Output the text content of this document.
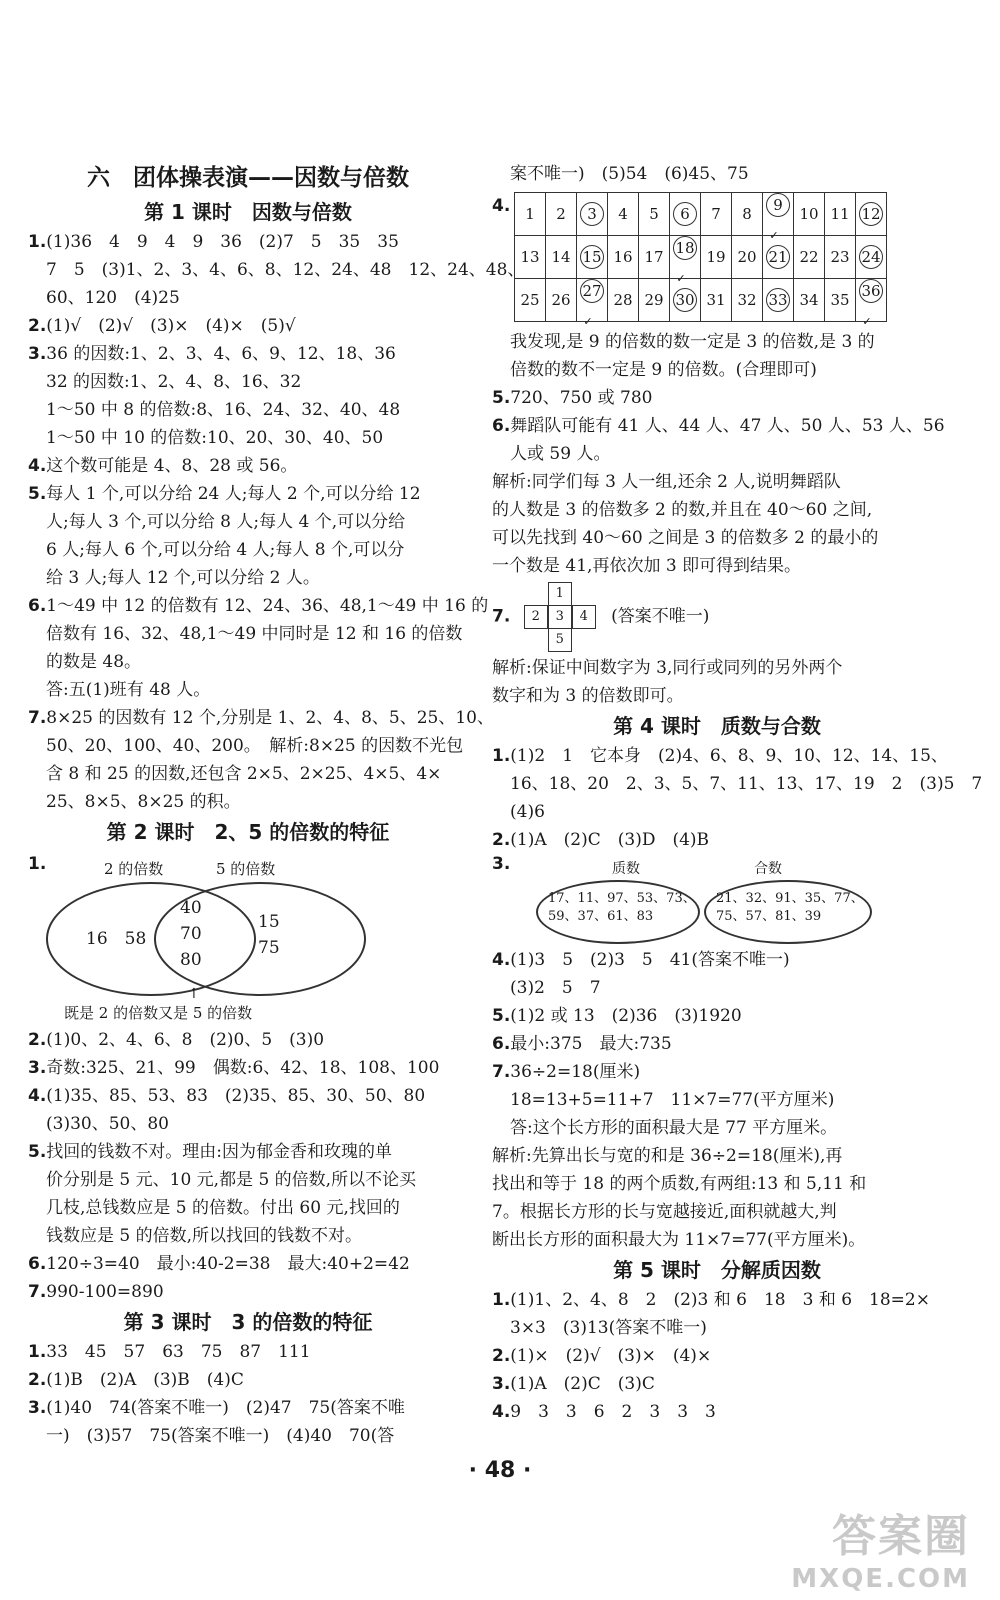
六　团体操表演——因数与倍数
第 1 课时　因数与倍数
1.(1)36　4　9　4　9　36　(2)7　5　35　35
7　5　(3)1、2、3、4、6、8、12、24、48　12、24、48、
60、120　(4)25
2.(1)√　(2)√　(3)×　(4)×　(5)√
3.36 的因数:1、2、3、4、6、9、12、18、36
32 的因数:1、2、4、8、16、32
1～50 中 8 的倍数:8、16、24、32、40、48
1～50 中 10 的倍数:10、20、30、40、50
4.这个数可能是 4、8、28 或 56。
5.每人 1 个,可以分给 24 人;每人 2 个,可以分给 12
人;每人 3 个,可以分给 8 人;每人 4 个,可以分给
6 人;每人 6 个,可以分给 4 人;每人 8 个,可以分
给 3 人;每人 12 个,可以分给 2 人。
6.1～49 中 12 的倍数有 12、24、36、48,1～49 中 16 的
倍数有 16、32、48,1～49 中同时是 12 和 16 的倍数
的数是 48。
答:五(1)班有 48 人。
7.8×25 的因数有 12 个,分别是 1、2、4、8、5、25、10、
50、20、100、40、200。　解析:8×25 的因数不光包
含 8 和 25 的因数,还包含 2×5、2×25、4×5、4×
25、8×5、8×25 的积。
第 2 课时　2、5 的倍数的特征
1.	2 的倍数	5 的倍数
16　58
40
70
80
15
75
↑
既是 2 的倍数又是 5 的倍数
2.(1)0、2、4、6、8　(2)0、5　(3)0
3.奇数:325、21、99　偶数:6、42、18、108、100
4.(1)35、85、53、83　(2)35、85、30、50、80
(3)30、50、80
5.找回的钱数不对。理由:因为郁金香和玫瑰的单
价分别是 5 元、10 元,都是 5 的倍数,所以不论买
几枝,总钱数应是 5 的倍数。付出 60 元,找回的
钱数应是 5 的倍数,所以找回的钱数不对。
6.120÷3=40　最小:40-2=38　最大:40+2=42
7.990-100=890
第 3 课时　3 的倍数的特征
1.33　45　57　63　75　87　111
2.(1)B　(2)A　(3)B　(4)C
3.(1)40　74(答案不唯一)　(2)47　75(答案不唯
一)　(3)57　75(答案不唯一)　(4)40　70(答
案不唯一)　(5)54　(6)45、75
4. 1	2	3	4	5	6	7	8	$9_✓$	10	11	12
13	14	15	16	17	$18_✓$	19	20	21	22	23	24
25	26	$27_✓$	28	29	30	31	32	33	34	35	$36_✓$
我发现,是 9 的倍数的数一定是 3 的倍数,是 3 的
倍数的数不一定是 9 的倍数。(合理即可)
5.720、750 或 780
6.舞蹈队可能有 41 人、44 人、47 人、50 人、53 人、56
人或 59 人。
解析:同学们每 3 人一组,还余 2 人,说明舞蹈队
的人数是 3 的倍数多 2 的数,并且在 40～60 之间,
可以先找到 40～60 之间是 3 的倍数多 2 的最小的
一个数是 41,再依次加 3 即可得到结果。
7.
1
2	3	4
5
(答案不唯一)
解析:保证中间数字为 3,同行或同列的另外两个
数字和为 3 的倍数即可。
第 4 课时　质数与合数
1.(1)2　1　它本身　(2)4、6、8、9、10、12、14、15、
16、18、20　2、3、5、7、11、13、17、19　2　(3)5　7
(4)6
2.(1)A　(2)C　(3)D　(4)B
3.	质数	合数
17、11、97、53、73、
59、37、61、83
21、32、91、35、77、
75、57、81、39
4.(1)3　5　(2)3　5　41(答案不唯一)
(3)2　5　7
5.(1)2 或 13　(2)36　(3)1920
6.最小:375　最大:735
7.36÷2=18(厘米)
18=13+5=11+7　11×7=77(平方厘米)
答:这个长方形的面积最大是 77 平方厘米。
解析:先算出长与宽的和是 36÷2=18(厘米),再
找出和等于 18 的两个质数,有两组:13 和 5,11 和
7。根据长方形的长与宽越接近,面积就越大,判
断出长方形的面积最大为 11×7=77(平方厘米)。
第 5 课时　分解质因数
1.(1)1、2、4、8　2　(2)3 和 6　18　3 和 6　18=2×
3×3　(3)13(答案不唯一)
2.(1)×　(2)√　(3)×　(4)×
3.(1)A　(2)C　(3)C
4.9　3　3　6　2　3　3　3
· 48 ·
答案圈
MXQE.COM
